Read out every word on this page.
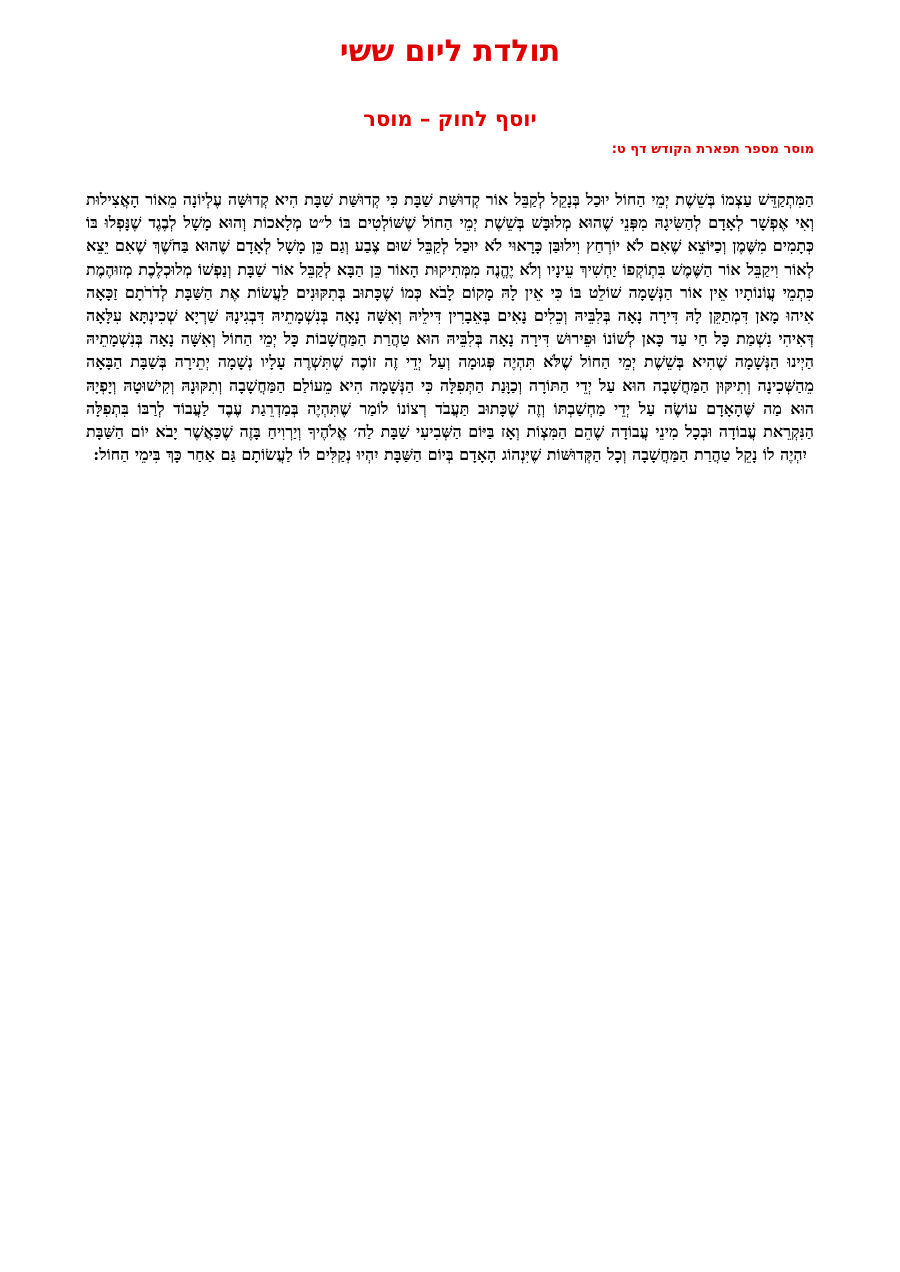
תולדת ליום ששי
יוסף לחוק – מוסר

מוסר מספר תפארת הקודש דף ט:

הַמִּתְקַדֵּשׁ עַצְמוֹ בְּשֵׁשֶׁת יְמֵי הַחוֹל יוּכַל בְּנָקֵל לְקַבֵּל אוֹר קְדוּשַּׁת שַׁבָּת כִּי קְדוּשַּׁת שַׁבָּת הִיא קְדוּשָּׁה עֶלְיוֹנָה מֵאוֹר הָאֲצִילוּת וְאִי אֶפְשָׁר לְאָדָם לְהַשִּׂיגָהּ מִפְּנֵי שֶׁהוּא מְלוּבָּשׁ בְּשֵׁשֶׁת יְמֵי הַחוֹל שֶׁשּׁוֹלְטִים בּוֹ ל״ט מְלָאכוֹת וְהוּא מָשָׁל לְבֶגֶד שֶׁנָּפְלוּ בּוֹ כְּתָמִים מִשֶּׁמֶן וְכַיּוֹצֵא שֶׁאִם לֹא יוֹרְחַץ וִילוּבַּן כָּרָאוּי לֹא יוּכַל לְקַבֵּל שׁוּם צֶבַע וְגַם כֵּן מָשָׁל לְאָדָם שֶׁהוּא בַּחֹשֶׁךְ שֶׁאִם יֵצֵא לְאוֹר וִיקַבֵּל אוֹר הַשֶּׁמֶשׁ בִּתְוֹקְפוֹ יַחְשִׁיךְ עֵינָיו וְלֹא יֶהֱנֶה מִמְּתִיקוּת הָאוֹר כֵּן הַבָּא לְקַבֵּל אוֹר שַׁבָּת וְנַפְשׁוֹ מְלוּכְלֶכֶת מְזוּהֶמֶת כִּתְמֵי עֲוֹנוֹתָיו אֵין אוֹר הַנְּשָׁמָה שׁוֹלֵט בּוֹ כִּי אֵין לָהּ מָקוֹם לָבֹא כְּמוֹ שֶׁכָּתוּב בְּתִקּוּנִים לַעֲשׂוֹת אֶת הַשַּׁבָּת לְדֹרֹתָם זַכָּאָה אִיהוּ מָאן דִּמְתַקֵּן לָהּ דִּירָה נָאָה בְּלִבֵּיהּ וְכֵלִים נָאִים בְּאֵבָרִין דִּילֵיהּ וְאִשָּׁה נָאָה בְּנִשְׁמָתֵיהּ דִּבְגִינָהּ שַׁרְיָא שְׁכִינְתָּא עִלָּאָה דְּאִיהִי נִשְׁמַת כָּל חַי עַד כָּאן לְשׁוֹנוֹ וּפֵירוּשׁ דִּירָה נָאָה בְּלִבֵּיהּ הוּא טַהֲרַת הַמַּחֲשָׁבוֹת כָּל יְמֵי הַחוֹל וְאִשָּׁה נָאָה בְּנִשְׁמָתֵיהּ הַיְינוּ הַנְּשָׁמָה שֶׁהִיא בְּשֵׁשֶׁת יְמֵי הַחוֹל שֶׁלֹּא תִּהְיֶה פְּגוּמָה וְעַל יְדֵי זֶה זוֹכֶה שֶׁתִּשְׁרֶה עָלָיו נְשָׁמָה יְתֵירָה בְּשַׁבָּת הַבָּאָה מֵהַשְּׁכִינָה וְתִיקּוּן הַמַּחֲשָׁבָה הוּא עַל יְדֵי הַתּוֹרָה וְכַוָּנַת הַתְּפִלָּה כִּי הַנְּשָׁמָה הִיא מֵעוֹלַם הַמַּחֲשָׁבָה וְתִקּוּנָהּ וְקִישׁוּטָהּ וְיָפְיָהּ הוּא מַה שֶּׁהָאָדָם עוֹשֶׂה עַל יְדֵי מַחְשַׁבְתּוֹ וְזֶה שֶׁכָּתוּב תַּעֲבֹד רְצוֹנוֹ לוֹמַר שֶׁתִּהְיֶה בְּמַדְרֵגַת עֶבֶד לַעֲבוֹד לְרַבּוֹ בִּתְפִלָּה הַנִּקְרֵאת עֲבוֹדָה וּבְכָל מִינֵי עֲבוֹדָה שֶׁהֵם הַמִּצְוֹת וְאָז בַּיּוֹם הַשְּׁבִיעִי שַׁבָּת לַה׳ אֱלֹהֶיךָ וְיַרְוִיחַ בָּזֶה שֶׁכַּאֲשֶׁר יָבֹא יוֹם הַשַּׁבָּת יִהְיֶה לוֹ נָקֵל טַהֲרַת הַמַּחֲשָׁבָה וְכָל הַקְּדוּשּׁוֹת שֶׁיִּנְהוֹג הָאָדָם בְּיוֹם הַשַּׁבָּת יִהְיוּ נְקַלִּים לוֹ לַעֲשׂוֹתָם גַּם אַחַר כָּךְ בִּימֵי הַחוֹל:
